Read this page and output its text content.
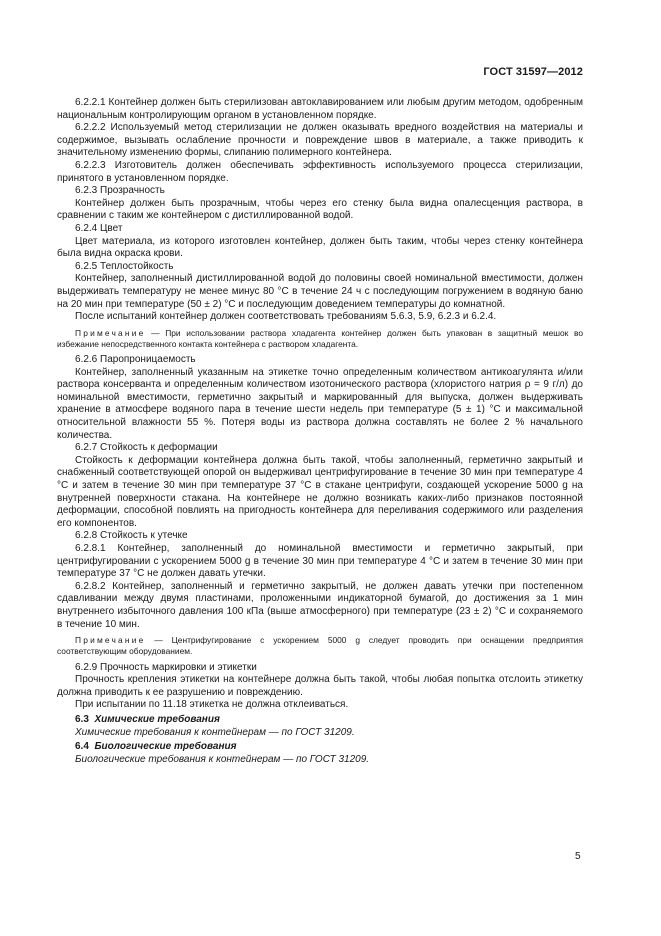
ГОСТ 31597—2012

6.2.2.1 Контейнер должен быть стерилизован автоклавированием или любым другим методом, одобренным национальным контролирующим органом в установленном порядке.

6.2.2.2 Используемый метод стерилизации не должен оказывать вредного воздействия на материалы и содержимое, вызывать ослабление прочности и повреждение швов в материале, а также приводить к значительному изменению формы, слипанию полимерного контейнера.

6.2.2.3 Изготовитель должен обеспечивать эффективность используемого процесса стерилизации, принятого в установленном порядке.

6.2.3 Прозрачность

Контейнер должен быть прозрачным, чтобы через его стенку была видна опалесценция раствора, в сравнении с таким же контейнером с дистиллированной водой.

6.2.4 Цвет

Цвет материала, из которого изготовлен контейнер, должен быть таким, чтобы через стенку контейнера была видна окраска крови.

6.2.5 Теплостойкость

Контейнер, заполненный дистиллированной водой до половины своей номинальной вместимости, должен выдерживать температуру не менее минус 80 °С в течение 24 ч с последующим погружением в водяную баню на 20 мин при температуре (50 ± 2) °С и последующим доведением температуры до комнатной.

После испытаний контейнер должен соответствовать требованиям 5.6.3, 5.9, 6.2.3 и 6.2.4.

Примечание — При использовании раствора хладагента контейнер должен быть упакован в защитный мешок во избежание непосредственного контакта контейнера с раствором хладагента.

6.2.6 Паропроницаемость

Контейнер, заполненный указанным на этикетке точно определенным количеством антикоагулянта и/или раствора консерванта и определенным количеством изотонического раствора (хлористого натрия ρ = 9 г/л) до номинальной вместимости, герметично закрытый и маркированный для выпуска, должен выдерживать хранение в атмосфере водяного пара в течение шести недель при температуре (5 ± 1) °С и максимальной относительной влажности 55 %. Потеря воды из раствора должна составлять не более 2 % начального количества.

6.2.7 Стойкость к деформации

Стойкость к деформации контейнера должна быть такой, чтобы заполненный, герметично закрытый и снабженный соответствующей опорой он выдерживал центрифугирование в течение 30 мин при температуре 4 °С и затем в течение 30 мин при температуре 37 °С в стакане центрифуги, создающей ускорение 5000 g на внутренней поверхности стакана. На контейнере не должно возникать каких-либо признаков постоянной деформации, способной повлиять на пригодность контейнера для переливания содержимого или разделения его компонентов.

6.2.8 Стойкость к утечке

6.2.8.1 Контейнер, заполненный до номинальной вместимости и герметично закрытый, при центрифугировании с ускорением 5000 g в течение 30 мин при температуре 4 °С и затем в течение 30 мин при температуре 37 °С не должен давать утечки.

6.2.8.2 Контейнер, заполненный и герметично закрытый, не должен давать утечки при постепенном сдавливании между двумя пластинами, проложенными индикаторной бумагой, до достижения за 1 мин внутреннего избыточного давления 100 кПа (выше атмосферного) при температуре (23 ± 2) °С и сохраняемого в течение 10 мин.

Примечание — Центрифугирование с ускорением 5000 g следует проводить при оснащении предприятия соответствующим оборудованием.

6.2.9 Прочность маркировки и этикетки

Прочность крепления этикетки на контейнере должна быть такой, чтобы любая попытка отслоить этикетку должна приводить к ее разрушению и повреждению.

При испытании по 11.18 этикетка не должна отклеиваться.

6.3 Химические требования

Химические требования к контейнерам — по ГОСТ 31209.

6.4 Биологические требования

Биологические требования к контейнерам — по ГОСТ 31209.

5
